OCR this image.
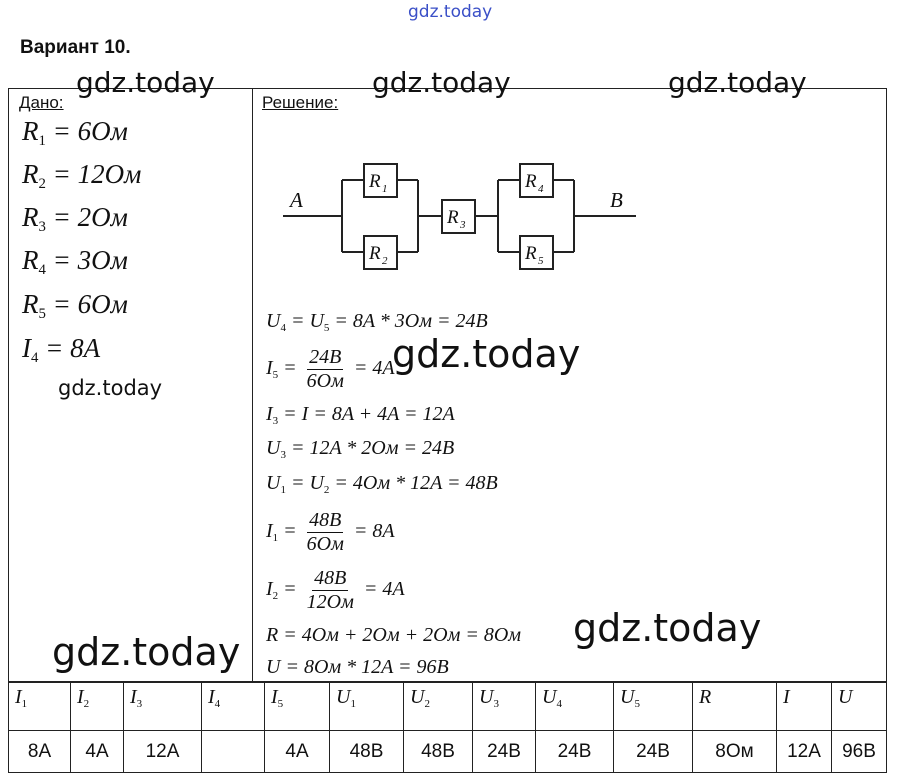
gdz.today
Вариант 10.
gdz.today	gdz.today	gdz.today
Дано:
$R_1 = 6Ом$
$R_2 = 12Ом$
$R_3 = 2Ом$
$R_4 = 3Ом$
$R_5 = 6Ом$
$I_4 = 8A$
gdz.today
Решение:
A	B
R 1
R 2
R 3
R 4
R 5
$U_4 = U_5 = 8A * 3Ом = 24В$
$I_5 = \frac{24В}{6Ом} = 4A$
$I_3 = I = 8A + 4A = 12A$
$U_3 = 12A * 2Ом = 24В$
$U_1 = U_2 = 4Ом * 12A = 48В$
$I_1 = \frac{48В}{6Ом} = 8A$
$I_2 = \frac{48В}{12Ом} = 4A$
R = 4Ом + 2Ом + 2Ом = 8Ом
U = 8Ом * 12A = 96В
gdz.today
gdz.today
gdz.today
$I_1$	$I_2$	$I_3$	$I_4$	$I_5$	$U_1$	$U_2$	$U_3$	$U_4$	$U_5$	R	I	U
8A	4A	12A		4A	48В	48В	24В	24В	24В	8Ом	12A	96В
